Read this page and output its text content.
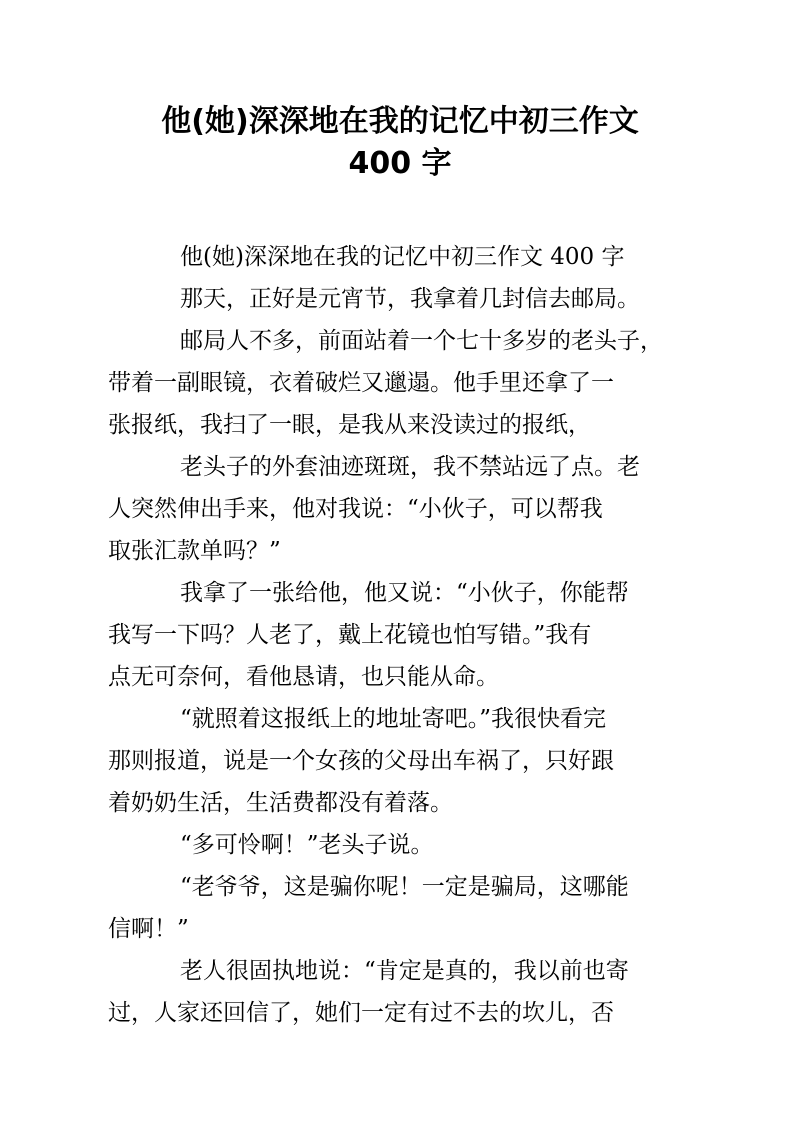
他(她)深深地在我的记忆中初三作文
400 字
他(她)深深地在我的记忆中初三作文 400 字
那天，正好是元宵节，我拿着几封信去邮局。
邮局人不多，前面站着一个七十多岁的老头子，
带着一副眼镜，衣着破烂又邋遢。他手里还拿了一
张报纸，我扫了一眼，是我从来没读过的报纸，
老头子的外套油迹斑斑，我不禁站远了点。老
人突然伸出手来，他对我说：“小伙子，可以帮我
取张汇款单吗？”
我拿了一张给他，他又说：“小伙子，你能帮
我写一下吗？人老了，戴上花镜也怕写错。”我有
点无可奈何，看他恳请，也只能从命。
“就照着这报纸上的地址寄吧。”我很快看完
那则报道，说是一个女孩的父母出车祸了，只好跟
着奶奶生活，生活费都没有着落。
“多可怜啊！”老头子说。
“老爷爷，这是骗你呢！一定是骗局，这哪能
信啊！”
老人很固执地说：“肯定是真的，我以前也寄
过，人家还回信了，她们一定有过不去的坎儿，否
